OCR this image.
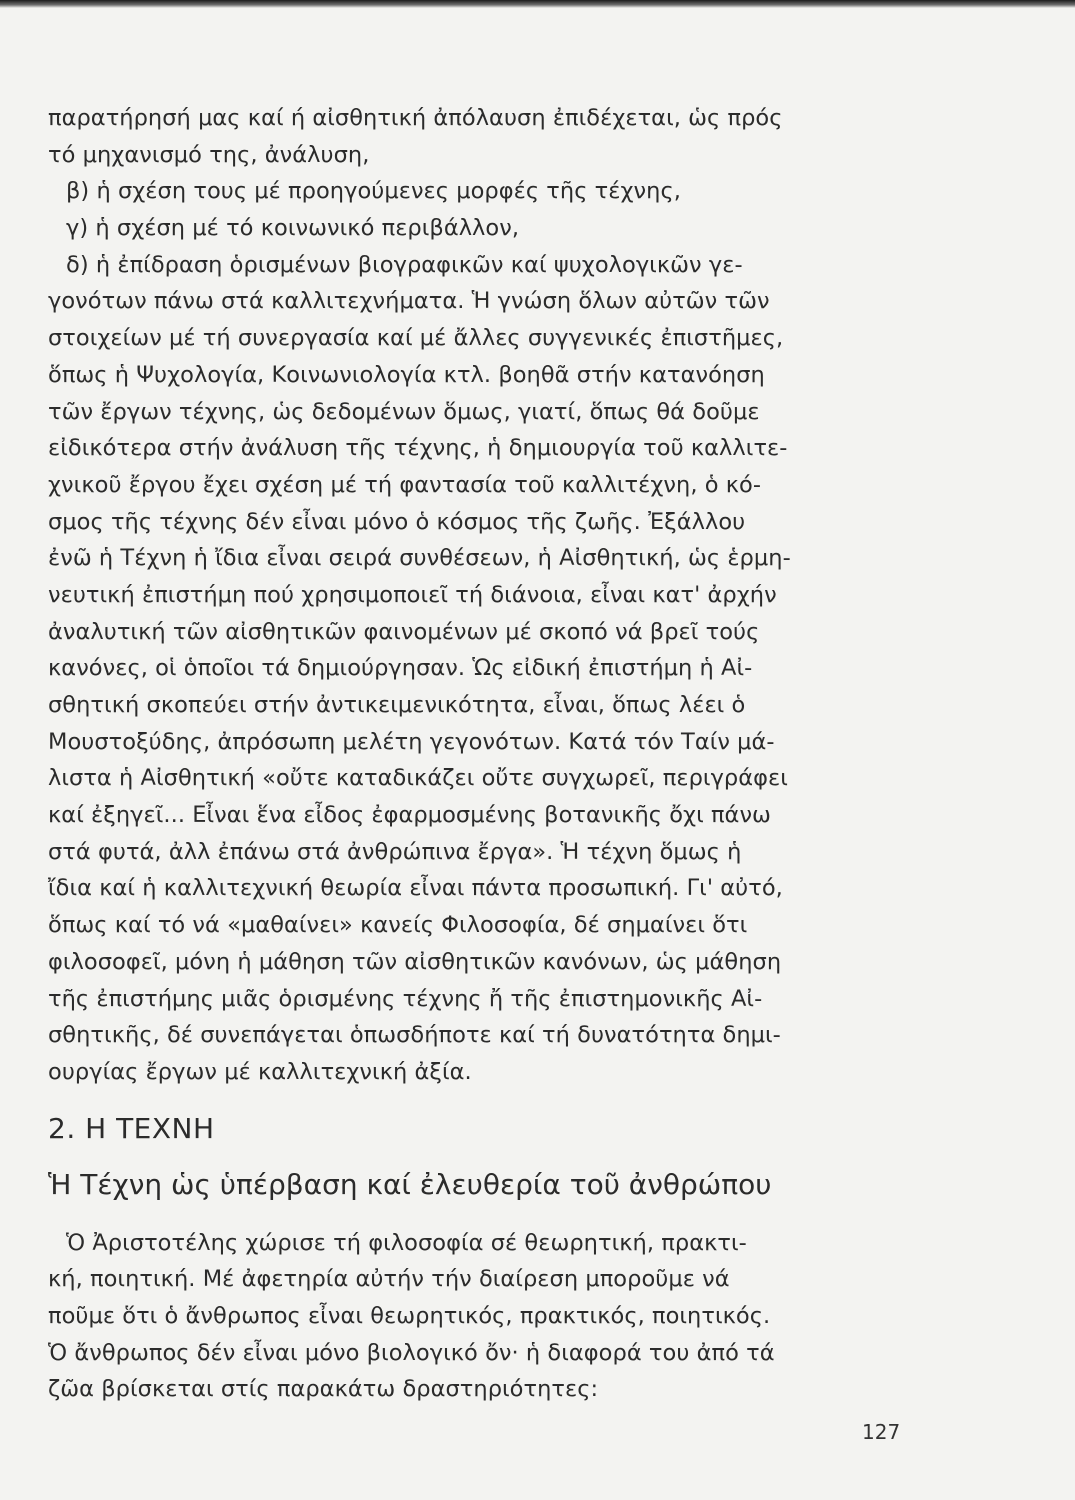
παρατήρησή μας καί ή αἰσθητική ἀπόλαυση ἐπιδέχεται, ὡς πρός
τό μηχανισμό της, ἀνάλυση,
β) ἡ σχέση τους μέ προηγούμενες μορφές τῆς τέχνης,
γ) ἡ σχέση μέ τό κοινωνικό περιβάλλον,
δ) ἡ ἐπίδραση ὁρισμένων βιογραφικῶν καί ψυχολογικῶν γε-
γονότων πάνω στά καλλιτεχνήματα. Ἡ γνώση ὅλων αὐτῶν τῶν
στοιχείων μέ τή συνεργασία καί μέ ἄλλες συγγενικές ἐπιστῆμες,
ὅπως ἡ Ψυχολογία, Κοινωνιολογία κτλ. βοηθᾶ στήν κατανόηση
τῶν ἔργων τέχνης, ὡς δεδομένων ὅμως, γιατί, ὅπως θά δοῦμε
εἰδικότερα στήν ἀνάλυση τῆς τέχνης, ἡ δημιουργία τοῦ καλλιτε-
χνικοῦ ἔργου ἔχει σχέση μέ τή φαντασία τοῦ καλλιτέχνη, ὁ κό-
σμος τῆς τέχνης δέν εἶναι μόνο ὁ κόσμος τῆς ζωῆς. Ἐξάλλου
ἐνῶ ἡ Τέχνη ἡ ἴδια εἶναι σειρά συνθέσεων, ἡ Αἰσθητική, ὡς ἑρμη-
νευτική ἐπιστήμη πού χρησιμοποιεῖ τή διάνοια, εἶναι κατ' ἀρχήν
ἀναλυτική τῶν αἰσθητικῶν φαινομένων μέ σκοπό νά βρεῖ τούς
κανόνες, οἱ ὁποῖοι τά δημιούργησαν. Ὡς εἰδική ἐπιστήμη ἡ Αἰ-
σθητική σκοπεύει στήν ἀντικειμενικότητα, εἶναι, ὅπως λέει ὁ
Μουστοξύδης, ἀπρόσωπη μελέτη γεγονότων. Κατά τόν Ταίν μά-
λιστα ἡ Αἰσθητική «οὔτε καταδικάζει οὔτε συγχωρεῖ, περιγράφει
καί ἐξηγεῖ... Εἶναι ἕνα εἶδος ἐφαρμοσμένης βοτανικῆς ὄχι πάνω
στά φυτά, ἀλλ ἐπάνω στά ἀνθρώπινα ἔργα». Ἡ τέχνη ὅμως ἡ
ἴδια καί ἡ καλλιτεχνική θεωρία εἶναι πάντα προσωπική. Γι' αὐτό,
ὅπως καί τό νά «μαθαίνει» κανείς Φιλοσοφία, δέ σημαίνει ὅτι
φιλοσοφεῖ, μόνη ἡ μάθηση τῶν αἰσθητικῶν κανόνων, ὡς μάθηση
τῆς ἐπιστήμης μιᾶς ὁρισμένης τέχνης ἤ τῆς ἐπιστημονικῆς Αἰ-
σθητικῆς, δέ συνεπάγεται ὁπωσδήποτε καί τή δυνατότητα δημι-
ουργίας ἔργων μέ καλλιτεχνική ἀξία.
2. Η ΤΕΧΝΗ
Ἡ Τέχνη ὡς ὑπέρβαση καί ἐλευθερία τοῦ ἀνθρώπου
Ὁ Ἀριστοτέλης χώρισε τή φιλοσοφία σέ θεωρητική, πρακτι-
κή, ποιητική. Μέ ἀφετηρία αὐτήν τήν διαίρεση μποροῦμε νά
ποῦμε ὅτι ὁ ἄνθρωπος εἶναι θεωρητικός, πρακτικός, ποιητικός.
Ὁ ἄνθρωπος δέν εἶναι μόνο βιολογικό ὄν· ἡ διαφορά του ἀπό τά
ζῶα βρίσκεται στίς παρακάτω δραστηριότητες:
127
